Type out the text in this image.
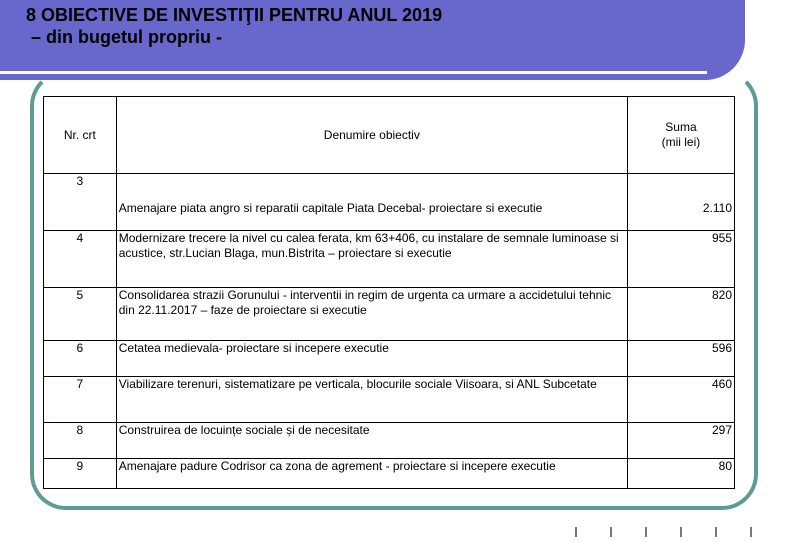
8 OBIECTIVE DE INVESTIŢII PENTRU ANUL 2019
– din bugetul propriu -
Nr. crt	Denumire obiectiv	Suma
(mii lei)
3	Amenajare piata angro si reparatii capitale Piata Decebal- proiectare si executie	2.110
4	Modernizare trecere la nivel cu calea ferata, km 63+406, cu instalare de semnale luminoase si acustice, str.Lucian Blaga, mun.Bistrita – proiectare si executie	955
5	Consolidarea strazii Gorunului - interventii in regim de urgenta ca urmare a accidetului tehnic din 22.11.2017 – faze de proiectare si executie	820
6	Cetatea medievala- proiectare si incepere executie	596
7	Viabilizare terenuri, sistematizare pe verticala, blocurile sociale Viisoara, si ANL Subcetate	460
8	Construirea de locuințe sociale și de necesitate	297
9	Amenajare padure Codrisor ca zona de agrement - proiectare si incepere executie	80
